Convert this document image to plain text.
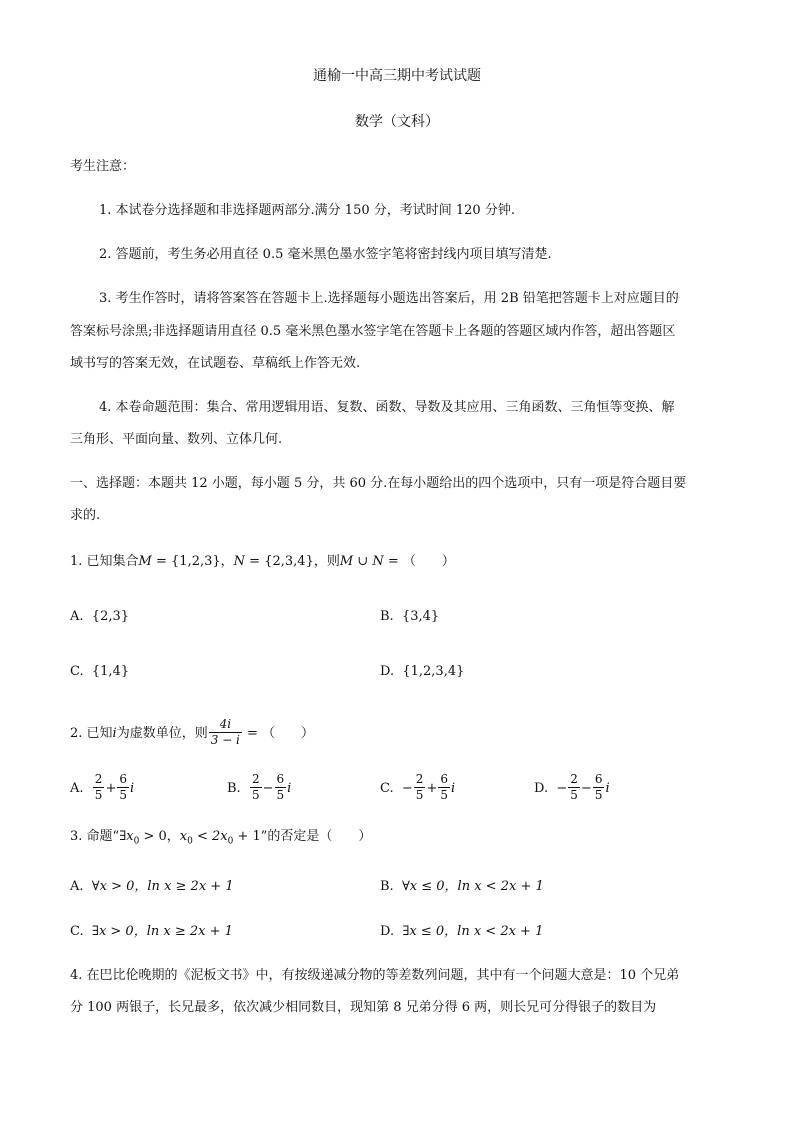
通榆一中高三期中考试试题
数学（文科）
考生注意：
1. 本试卷分选择题和非选择题两部分.满分 150 分，考试时间 120 分钟.
2. 答题前，考生务必用直径 0.5 毫米黑色墨水签字笔将密封线内项目填写清楚.
3. 考生作答时，请将答案答在答题卡上.选择题每小题选出答案后，用 2B 铅笔把答题卡上对应题目的
答案标号涂黑;非选择题请用直径 0.5 毫米黑色墨水签字笔在答题卡上各题的答题区域内作答，超出答题区
域书写的答案无效，在试题卷、草稿纸上作答无效.
4. 本卷命题范围：集合、常用逻辑用语、复数、函数、导数及其应用、三角函数、三角恒等变换、解
三角形、平面向量、数列、立体几何.
一、选择题：本题共 12 小题，每小题 5 分，共 60 分.在每小题给出的四个选项中，只有一项是符合题目要
求的.
1. 已知集合M = {1,2,3}，N = {2,3,4}，则M ∪ N = （　　）
A. {2,3}	B. {3,4}
C. {1,4}	D. {1,2,3,4}
2. 已知i为虚数单位，则 $\frac{4i}{3 - i}$ = （　　）
A. $\frac{2}{5} + \frac{6}{5}$ i	B. $\frac{2}{5} - \frac{6}{5}$ i	C. − $\frac{2}{5} + \frac{6}{5}$ i	D. − $\frac{2}{5} - \frac{6}{5}$ i
3. 命题“$\exists x_0 > 0$，$x_0 < 2x_0 + 1$”的否定是（　　）
A. ∀x > 0，ln x ≥ 2x + 1	B. ∀x ≤ 0，ln x < 2x + 1
C. ∃x > 0，ln x ≥ 2x + 1	D. ∃x ≤ 0，ln x < 2x + 1
4. 在巴比伦晚期的《泥板文书》中，有按级递减分物的等差数列问题，其中有一个问题大意是：10 个兄弟
分 100 两银子，长兄最多，依次减少相同数目，现知第 8 兄弟分得 6 两，则长兄可分得银子的数目为
